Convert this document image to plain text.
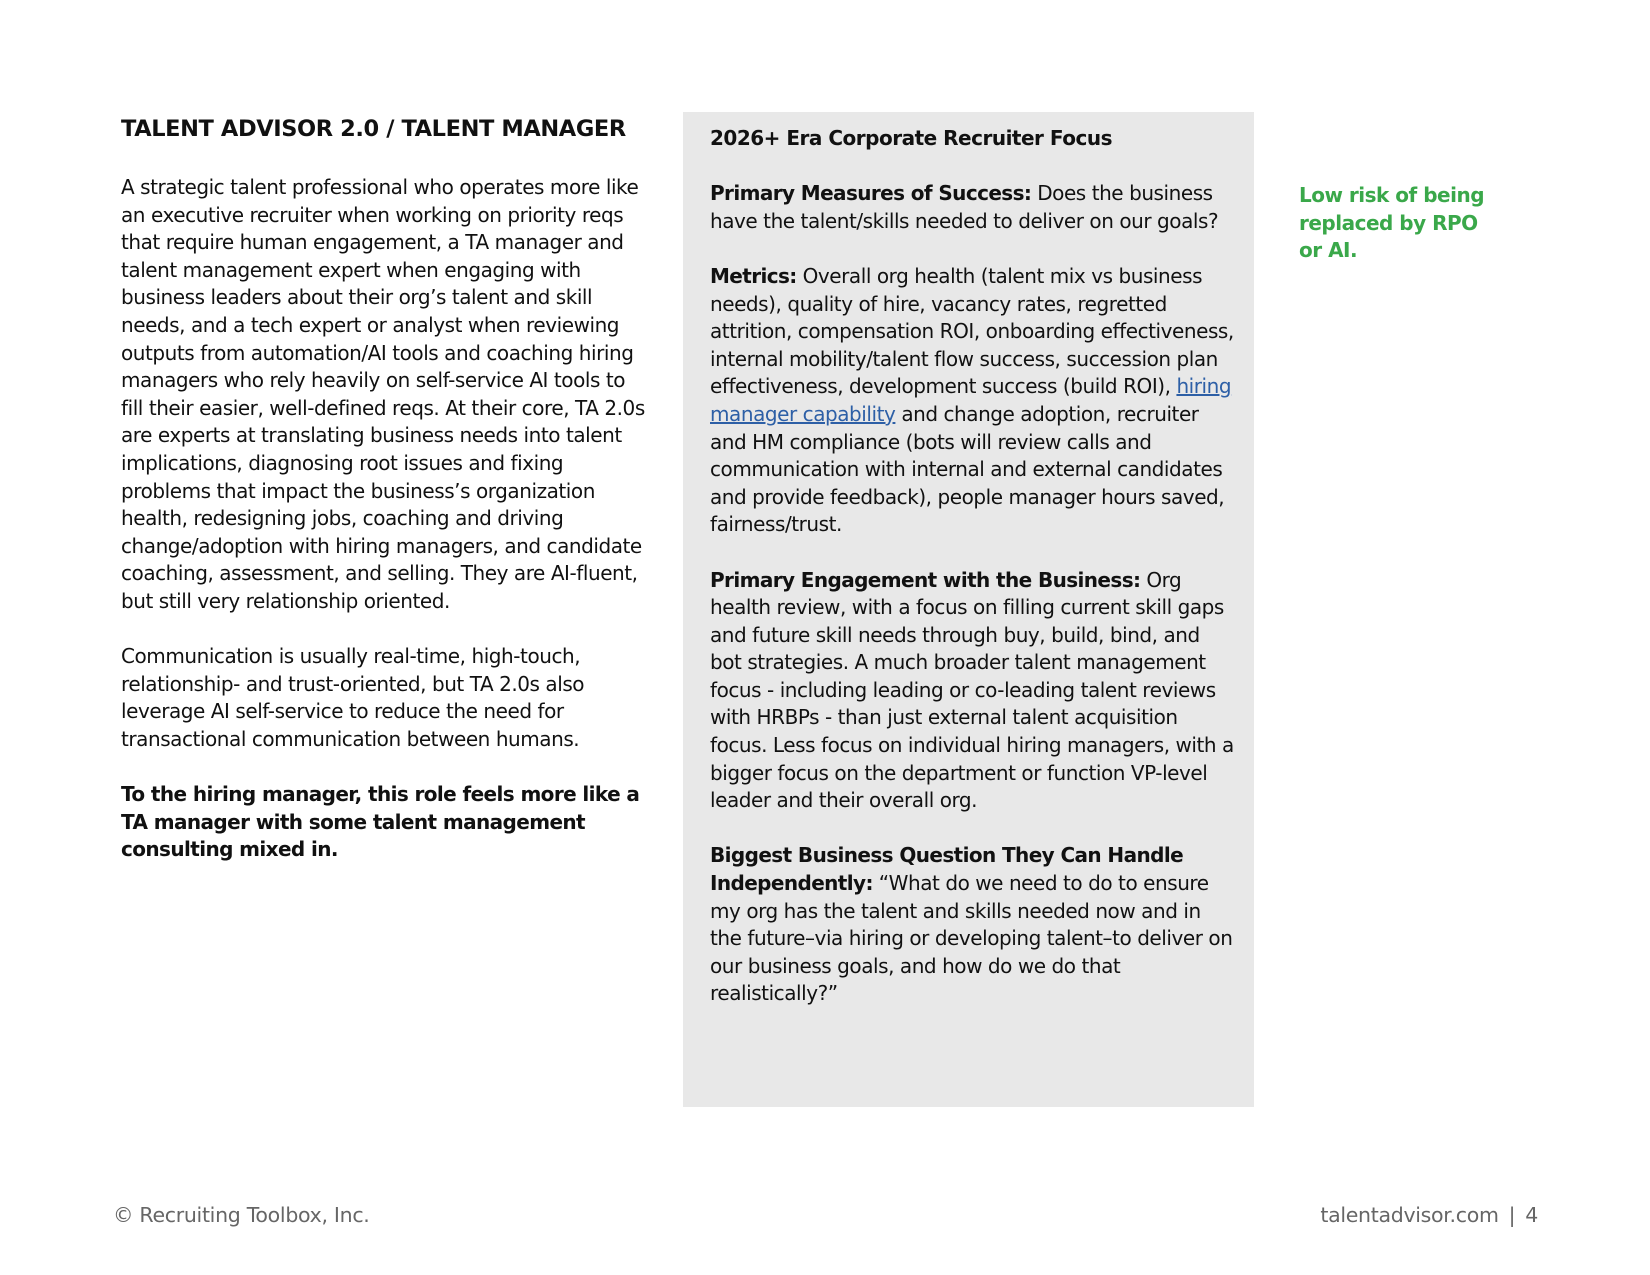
TALENT ADVISOR 2.0 / TALENT MANAGER

A strategic talent professional who operates more like an executive recruiter when working on priority reqs that require human engagement, a TA manager and talent management expert when engaging with business leaders about their org’s talent and skill needs, and a tech expert or analyst when reviewing outputs from automation/AI tools and coaching hiring managers who rely heavily on self-service AI tools to fill their easier, well-defined reqs. At their core, TA 2.0s are experts at translating business needs into talent implications, diagnosing root issues and fixing problems that impact the business’s organization health, redesigning jobs, coaching and driving change/adoption with hiring managers, and candidate coaching, assessment, and selling. They are AI-fluent, but still very relationship oriented.

Communication is usually real-time, high-touch, relationship- and trust-oriented, but TA 2.0s also leverage AI self-service to reduce the need for transactional communication between humans.

To the hiring manager, this role feels more like a TA manager with some talent management consulting mixed in.

2026+ Era Corporate Recruiter Focus

Primary Measures of Success: Does the business have the talent/skills needed to deliver on our goals?

Metrics: Overall org health (talent mix vs business needs), quality of hire, vacancy rates, regretted attrition, compensation ROI, onboarding effectiveness, internal mobility/talent flow success, succession plan effectiveness, development success (build ROI), hiring manager capability and change adoption, recruiter and HM compliance (bots will review calls and communication with internal and external candidates and provide feedback), people manager hours saved, fairness/trust.

Primary Engagement with the Business: Org health review, with a focus on filling current skill gaps and future skill needs through buy, build, bind, and bot strategies. A much broader talent management focus - including leading or co-leading talent reviews with HRBPs - than just external talent acquisition focus. Less focus on individual hiring managers, with a bigger focus on the department or function VP-level leader and their overall org.

Biggest Business Question They Can Handle Independently: “What do we need to do to ensure my org has the talent and skills needed now and in the future–via hiring or developing talent–to deliver on our business goals, and how do we do that realistically?”

Low risk of being replaced by RPO or AI.
© Recruiting Toolbox, Inc.	talentadvisor.com | 4
